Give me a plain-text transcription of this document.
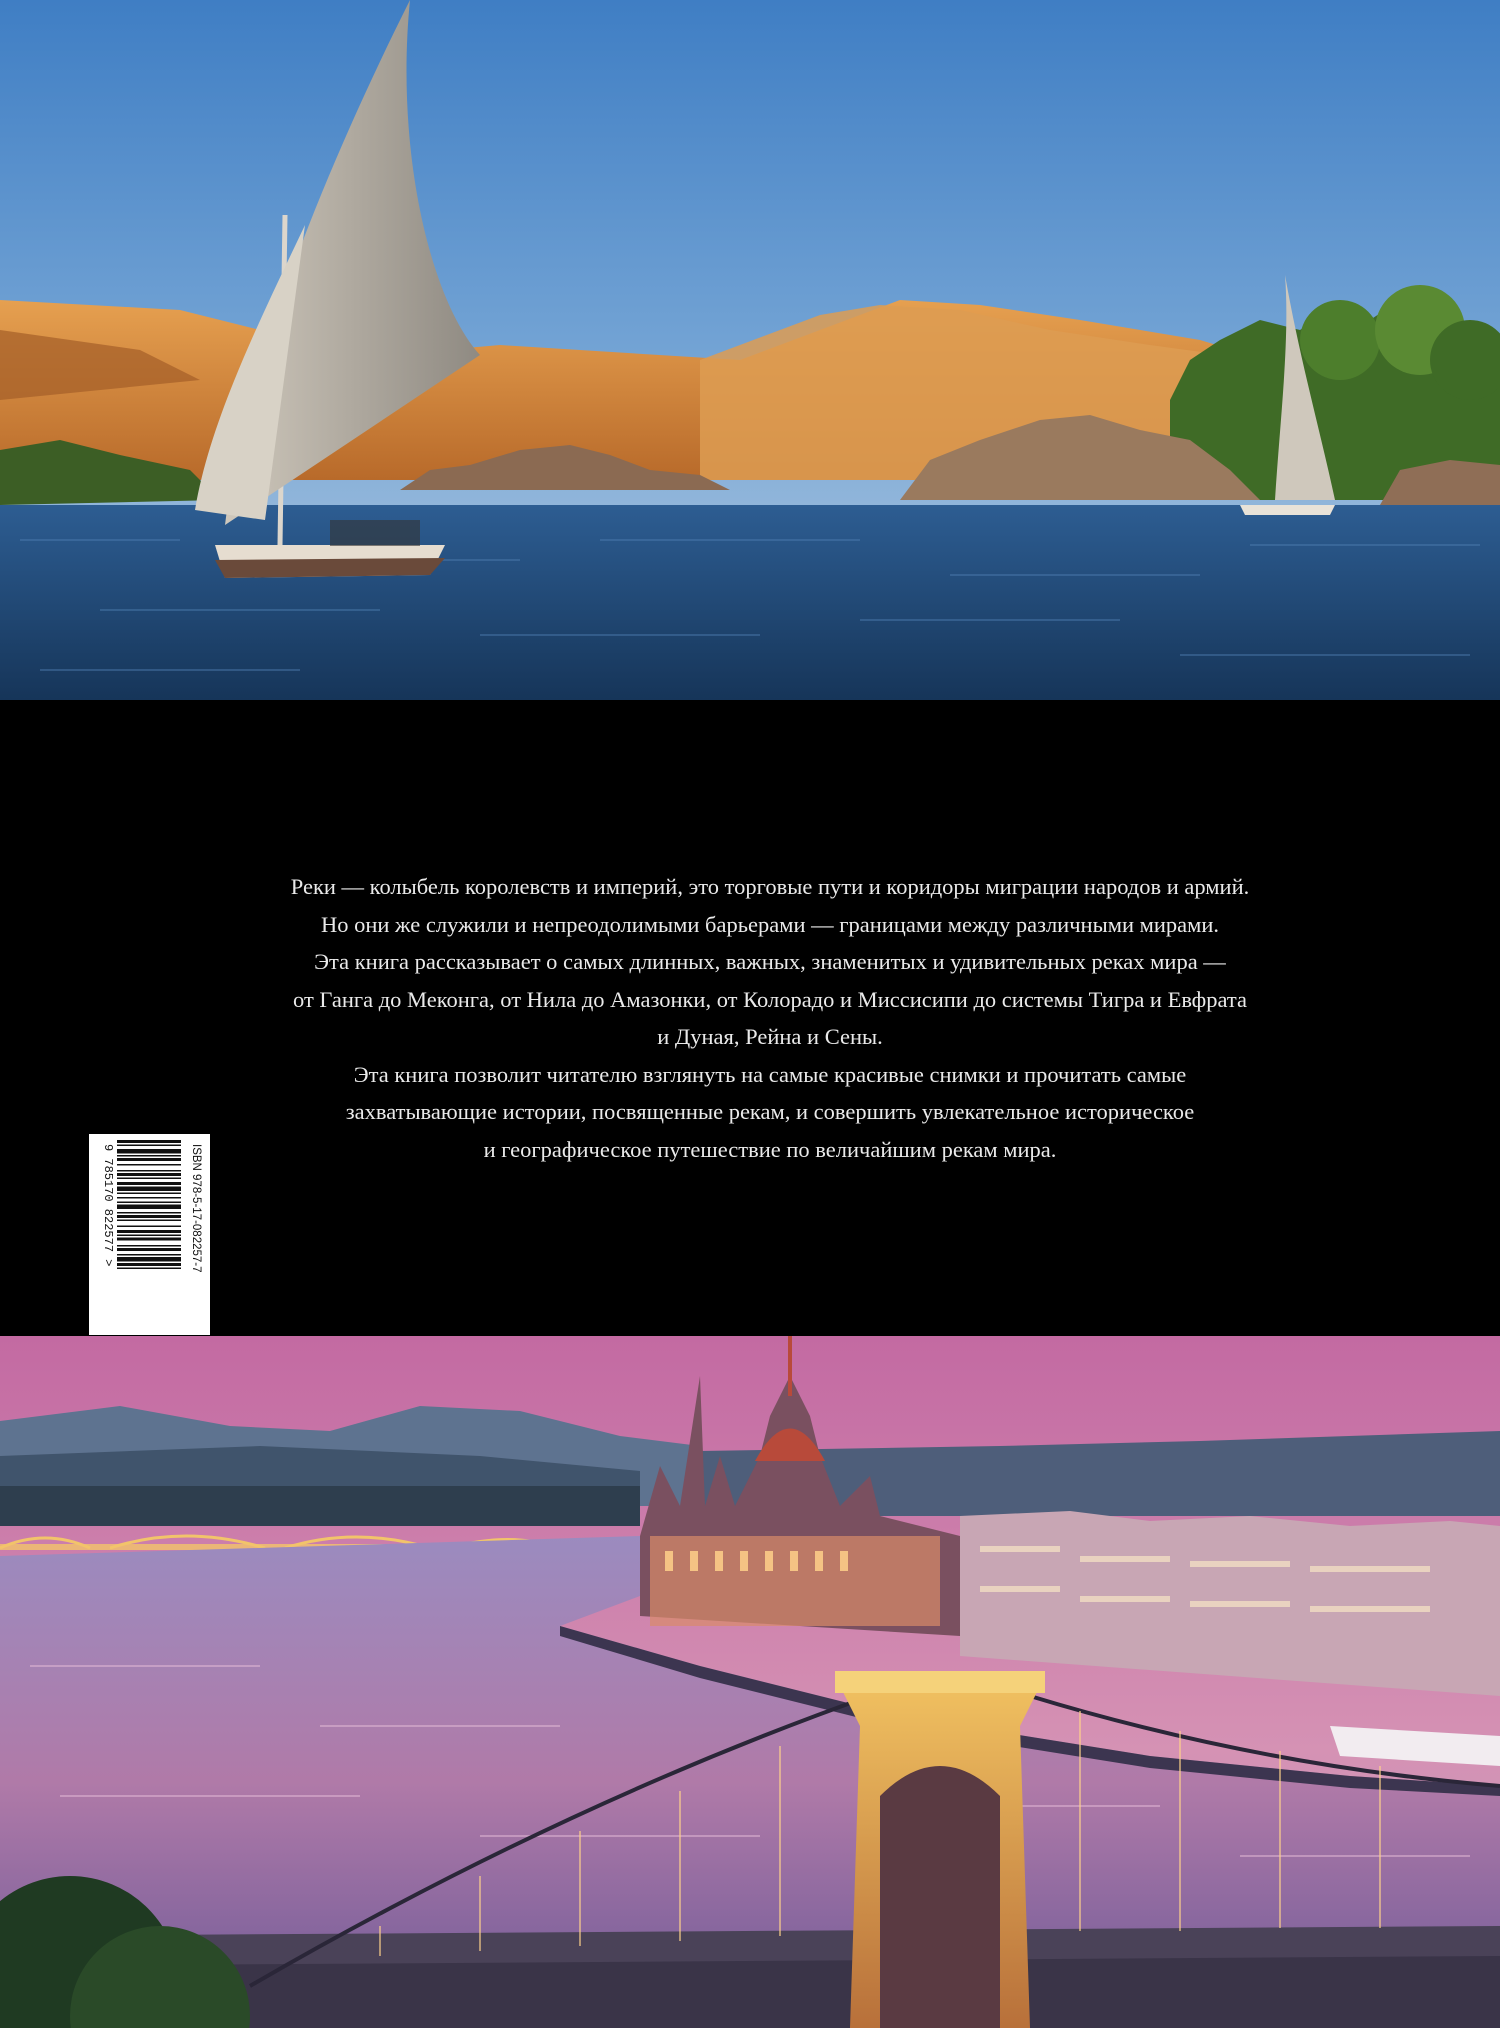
Реки — колыбель королевств и империй, это торговые пути и коридоры миграции народов и армий.

Но они же служили и непреодолимыми барьерами — границами между различными мирами.

Эта книга рассказывает о самых длинных, важных, знаменитых и удивительных реках мира —

от Ганга до Меконга, от Нила до Амазонки, от Колорадо и Миссисипи до системы Тигра и Евфрата

и Дуная, Рейна и Сены.

Эта книга позволит читателю взглянуть на самые красивые снимки и прочитать самые

захватывающие истории, посвященные рекам, и совершить увлекательное историческое

и географическое путешествие по величайшим рекам мира.

ISBN 978-5-17-082257-7
9 785170 822577 >
